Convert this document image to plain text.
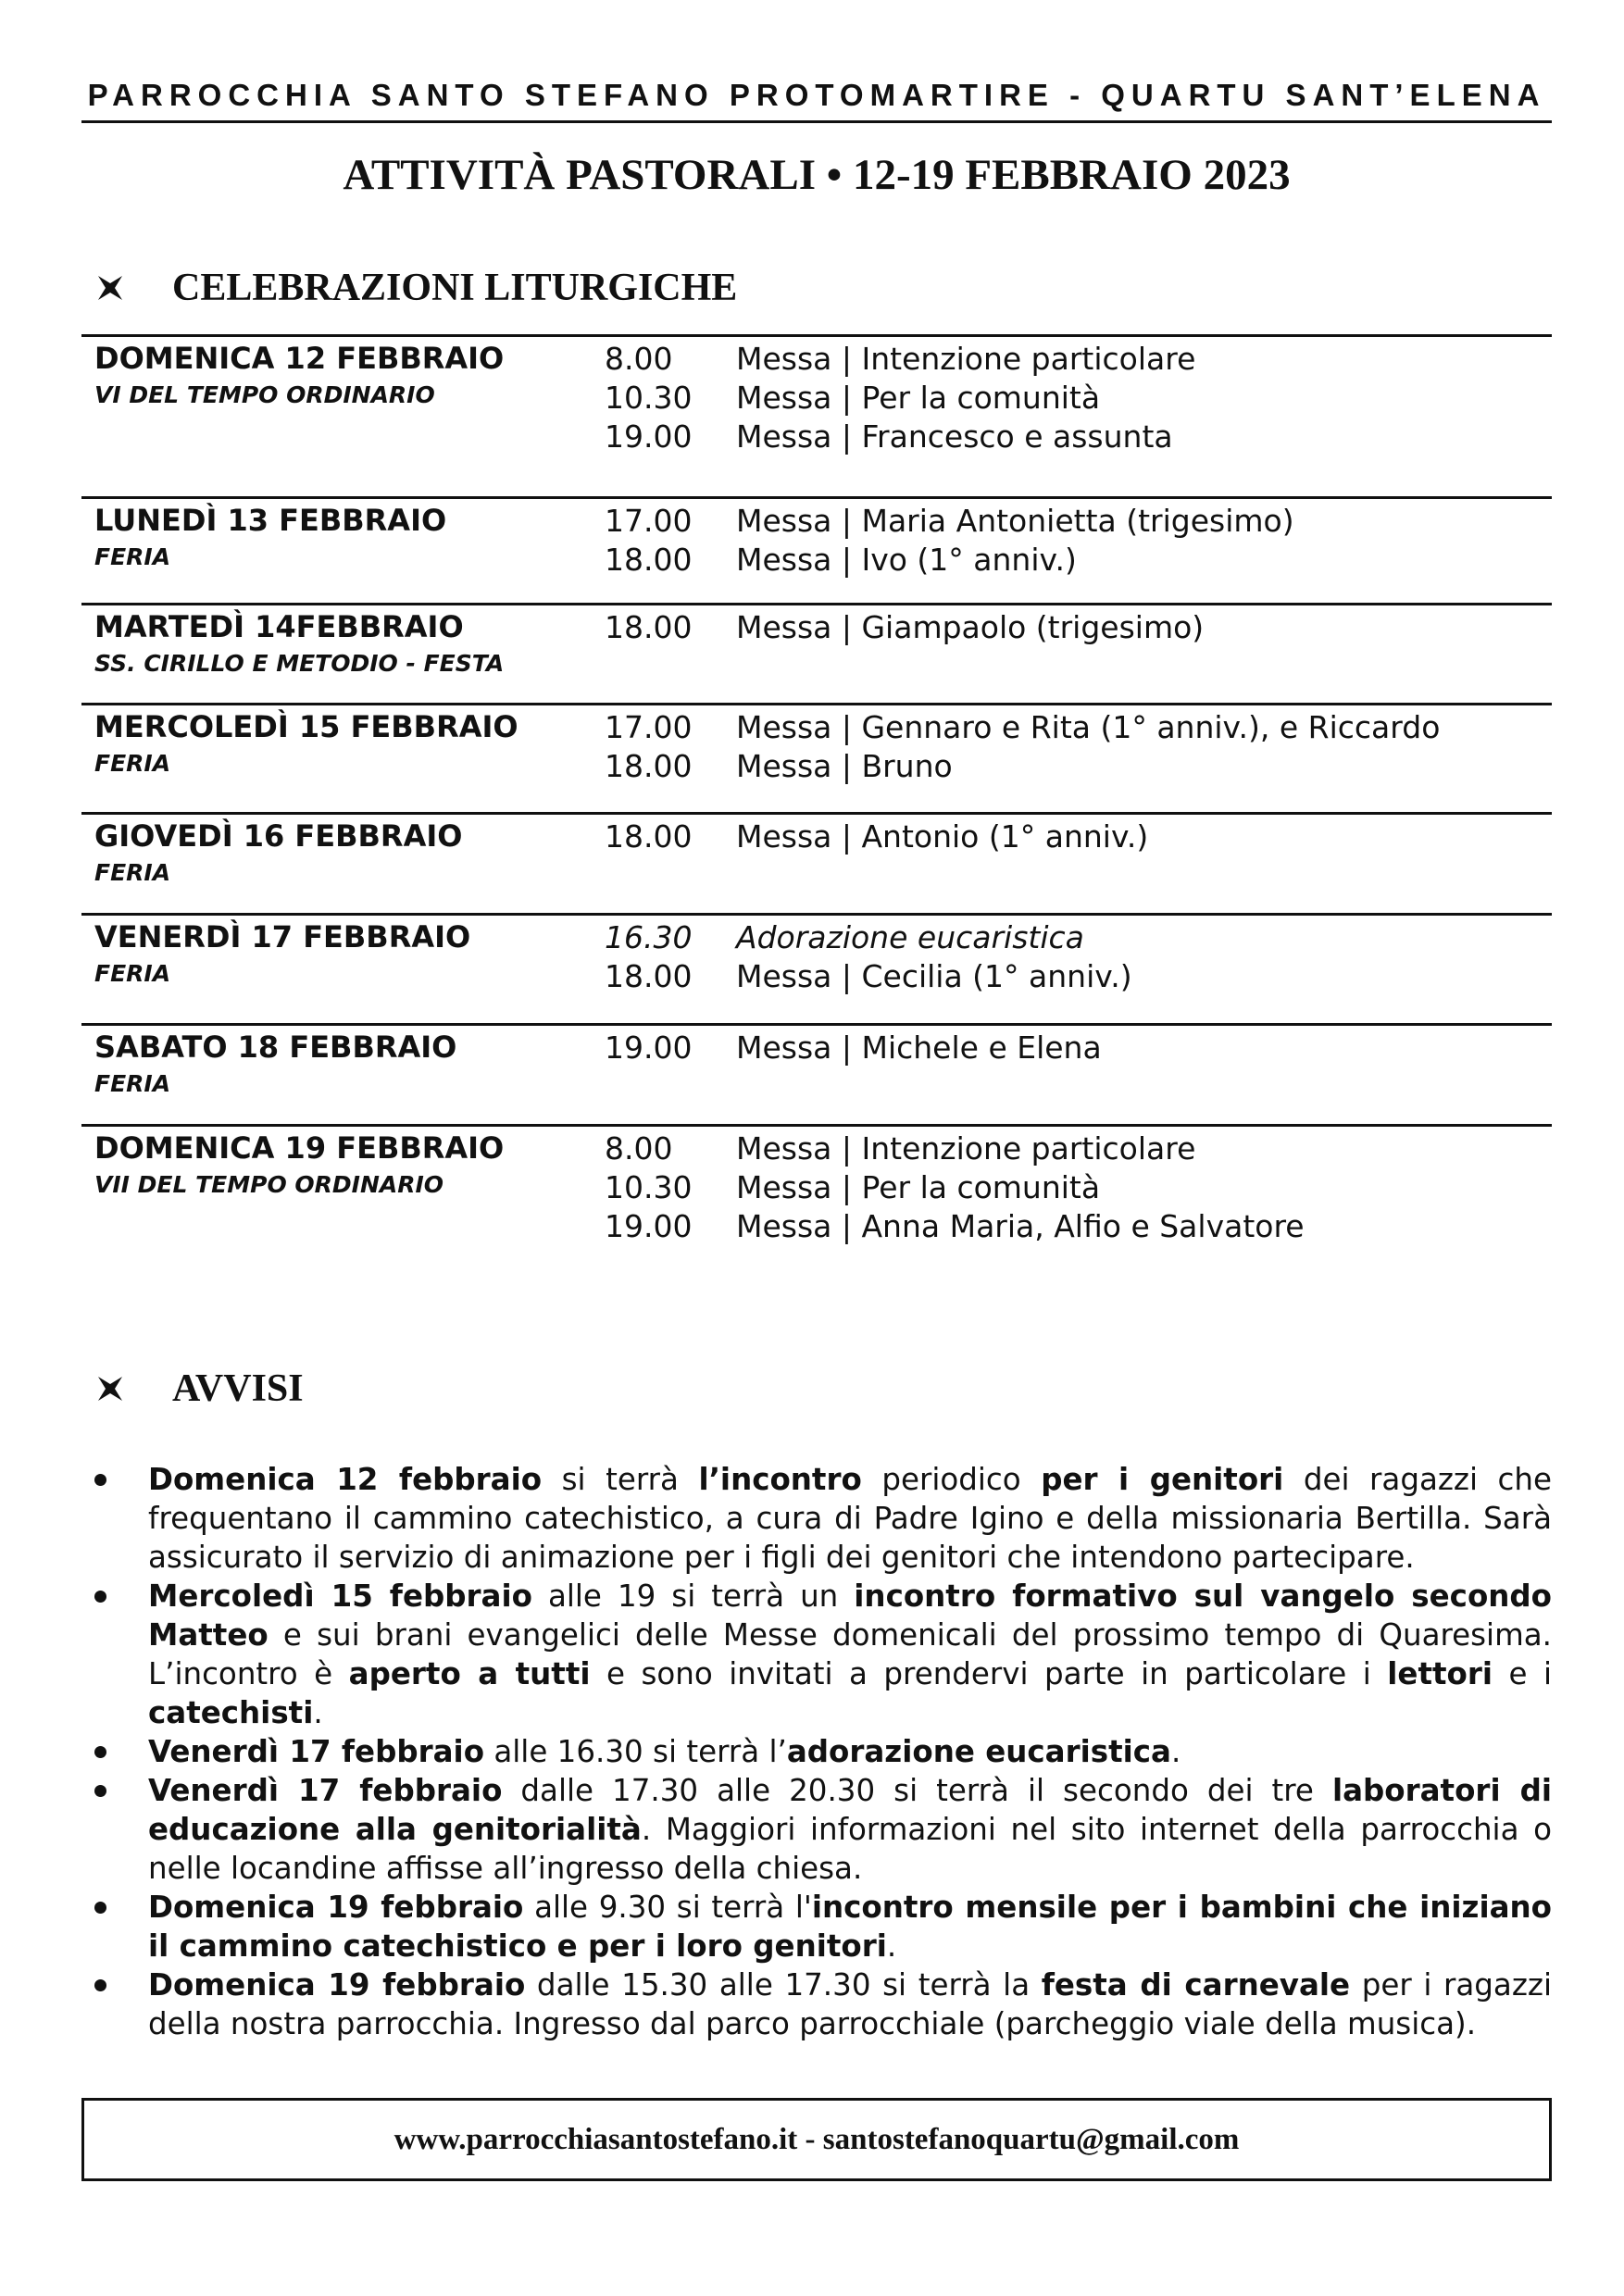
PARROCCHIA SANTO STEFANO PROTOMARTIRE - QUARTU SANT’ELENA
ATTIVITÀ PASTORALI • 12-19 FEBBRAIO 2023
CELEBRAZIONI LITURGICHE
DOMENICA 12 FEBBRAIO
VI DEL TEMPO ORDINARIO
8.00 Messa | Intenzione particolare
10.30 Messa | Per la comunità
19.00 Messa | Francesco e assunta
LUNEDÌ 13 FEBBRAIO
FERIA
17.00 Messa | Maria Antonietta (trigesimo)
18.00 Messa | Ivo (1° anniv.)
MARTEDÌ 14FEBBRAIO
SS. CIRILLO E METODIO - FESTA
18.00 Messa | Giampaolo (trigesimo)
MERCOLEDÌ 15 FEBBRAIO
FERIA
17.00 Messa | Gennaro e Rita (1° anniv.), e Riccardo
18.00 Messa | Bruno
GIOVEDÌ 16 FEBBRAIO
FERIA
18.00 Messa | Antonio (1° anniv.)
VENERDÌ 17 FEBBRAIO
FERIA
16.30 Adorazione eucaristica
18.00 Messa | Cecilia (1° anniv.)
SABATO 18 FEBBRAIO
FERIA
19.00 Messa | Michele e Elena
DOMENICA 19 FEBBRAIO
VII DEL TEMPO ORDINARIO
8.00 Messa | Intenzione particolare
10.30 Messa | Per la comunità
19.00 Messa | Anna Maria, Alfio e Salvatore
AVVISI
Domenica 12 febbraio si terrà l’incontro periodico per i genitori dei ragazzi che frequentano il cammino catechistico, a cura di Padre Igino e della missionaria Bertilla. Sarà assicurato il servizio di animazione per i figli dei genitori che intendono partecipare.
Mercoledì 15 febbraio alle 19 si terrà un incontro formativo sul vangelo secondo Matteo e sui brani evangelici delle Messe domenicali del prossimo tempo di Quaresima. L’incontro è aperto a tutti e sono invitati a prendervi parte in particolare i lettori e i catechisti.
Venerdì 17 febbraio alle 16.30 si terrà l’adorazione eucaristica.
Venerdì 17 febbraio dalle 17.30 alle 20.30 si terrà il secondo dei tre laboratori di educazione alla genitorialità. Maggiori informazioni nel sito internet della parrocchia o nelle locandine affisse all’ingresso della chiesa.
Domenica 19 febbraio alle 9.30 si terrà l'incontro mensile per i bambini che iniziano il cammino catechistico e per i loro genitori.
Domenica 19 febbraio dalle 15.30 alle 17.30 si terrà la festa di carnevale per i ragazzi della nostra parrocchia. Ingresso dal parco parrocchiale (parcheggio viale della musica).
www.parrocchiasantostefano.it - santostefanoquartu@gmail.com
